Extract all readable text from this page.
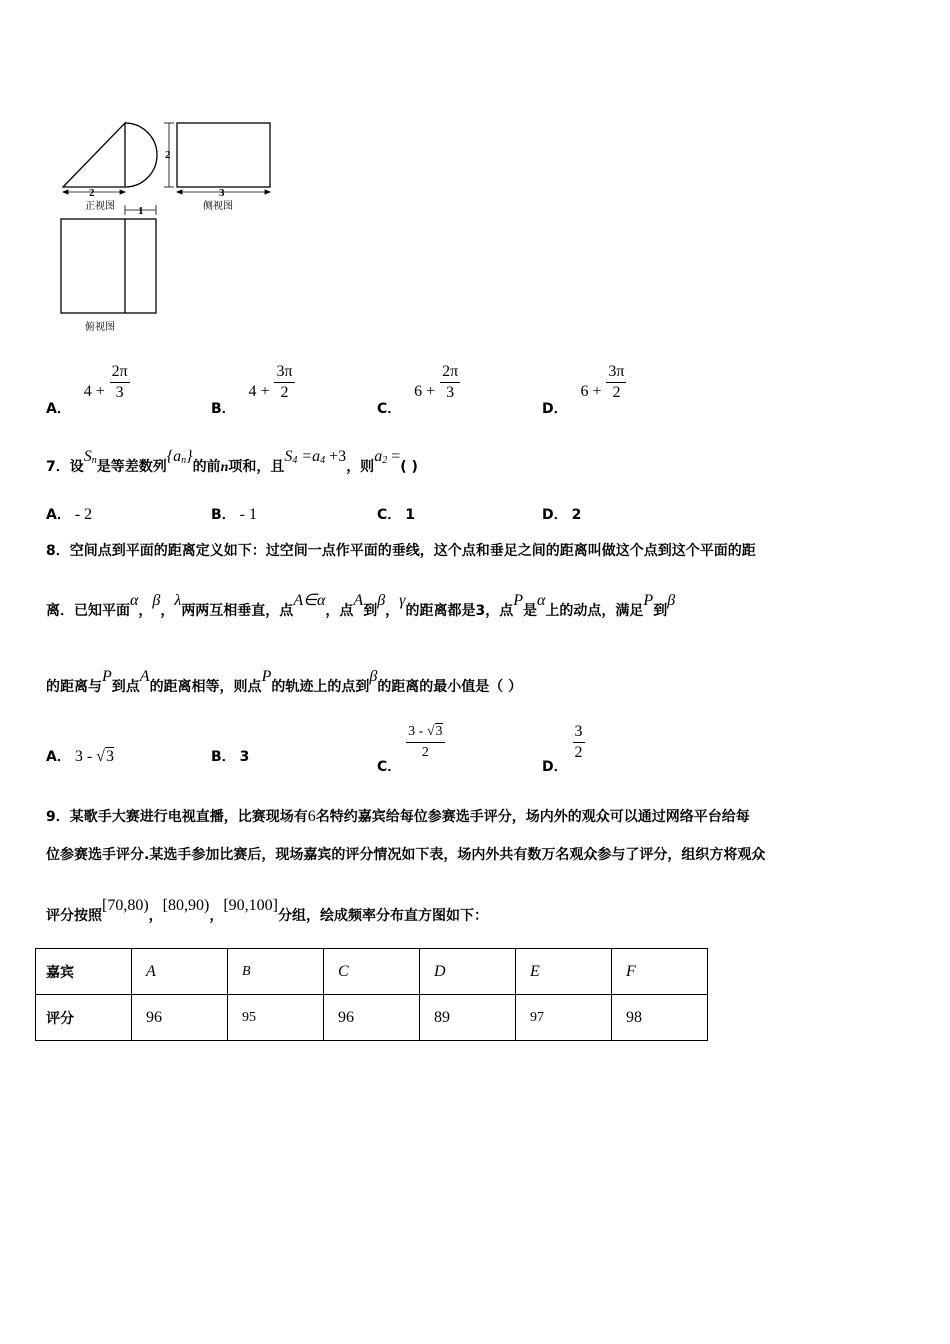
2
正视图
2
3
侧视图
1
俯视图
A． $4 + \frac{2\pi}{3}$
B． $4 + \frac{3\pi}{2}$
C． $6 + \frac{2\pi}{3}$
D． $6 + \frac{3\pi}{2}$
7．设Sn是等差数列{an}的前n项和，且S4 =a4 +3，则a2 =( )
A． - 2	B． - 1	C． 1	D． 2
8．空间点到平面的距离定义如下：过空间一点作平面的垂线，这个点和垂足之间的距离叫做这个点到这个平面的距
离．已知平面α，β，λ两两互相垂直，点A∈α，点A到β，γ的距离都是3，点P是α上的动点，满足P到β
的距离与P到点A的距离相等，则点P的轨迹上的点到β的距离的最小值是（ ）
A． 3 - √3	B． 3
C．
$\frac{3 - √3}{2}$
D．
$\frac{3}{2}$
9．某歌手大赛进行电视直播，比赛现场有6名特约嘉宾给每位参赛选手评分，场内外的观众可以通过网络平台给每
位参赛选手评分.某选手参加比赛后，现场嘉宾的评分情况如下表，场内外共有数万名观众参与了评分，组织方将观众
评分按照[70,80)，[80,90)，[90,100]分组，绘成频率分布直方图如下：
嘉宾	A	B	C	D	E	F
评分	96	95	96	89	97	98
